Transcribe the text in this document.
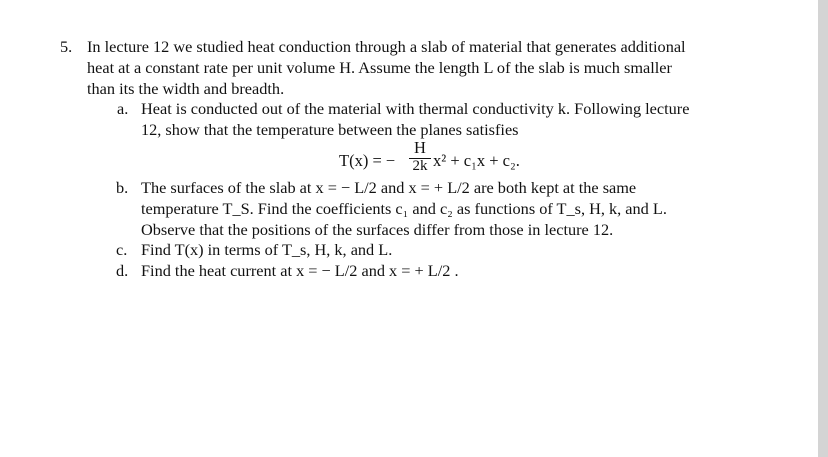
5. In lecture 12 we studied heat conduction through a slab of material that generates additional
heat at a constant rate per unit volume H. Assume the length L of the slab is much smaller
than its the width and breadth.
a. Heat is conducted out of the material with thermal conductivity k. Following lecture
12, show that the temperature between the planes satisfies
T(x) = −
H
2k x² + c₁x + c₂.
b. The surfaces of the slab at x = − L/2 and x = + L/2 are both kept at the same
temperature T_S. Find the coefficients c₁ and c₂ as functions of T_s, H, k, and L.
Observe that the positions of the surfaces differ from those in lecture 12.
c. Find T(x) in terms of T_s, H, k, and L.
d. Find the heat current at x = − L/2 and x = + L/2 .
